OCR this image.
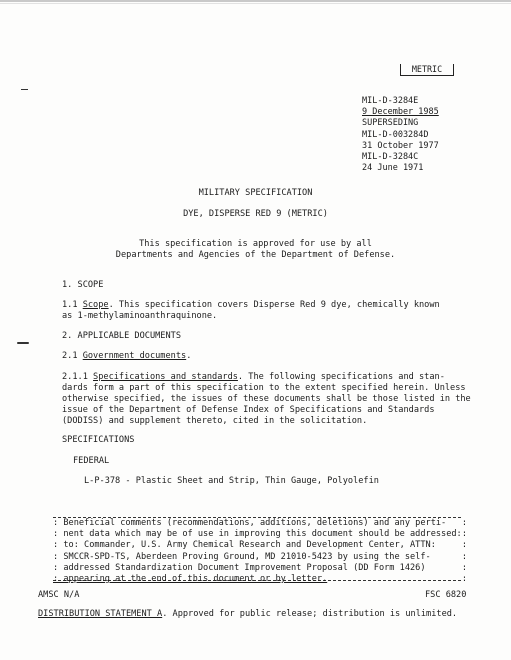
METRIC
MIL-D-3284E
9 December 1985
SUPERSEDING
MIL-D-003284D
31 October 1977
MIL-D-3284C
24 June 1971
MILITARY SPECIFICATION
DYE, DISPERSE RED 9 (METRIC)
This specification is approved for use by all
Departments and Agencies of the Department of Defense.
1. SCOPE
1.1 Scope. This specification covers Disperse Red 9 dye, chemically known
as 1-methylaminoanthraquinone.
2. APPLICABLE DOCUMENTS
2.1 Government documents.
2.1.1 Specifications and standards. The following specifications and stan-
dards form a part of this specification to the extent specified herein. Unless
otherwise specified, the issues of these documents shall be those listed in the
issue of the Department of Defense Index of Specifications and Standards
(DODISS) and supplement thereto, cited in the solicitation.
SPECIFICATIONS
FEDERAL
L-P-378 - Plastic Sheet and Strip, Thin Gauge, Polyolefin
: Beneficial comments (recommendations, additions, deletions) and any perti- :
: nent data which may be of use in improving this document should be addressed: :
: to: Commander, U.S. Army Chemical Research and Development Center, ATTN:	:
: SMCCR-SPD-TS, Aberdeen Proving Ground, MD 21010-5423 by using the self-	:
: addressed Standardization Document Improvement Proposal (DD Form 1426)	:
: appearing at the end of this document or by letter.	:
AMSC N/A	FSC 6820
DISTRIBUTION STATEMENT A. Approved for public release; distribution is unlimited.
